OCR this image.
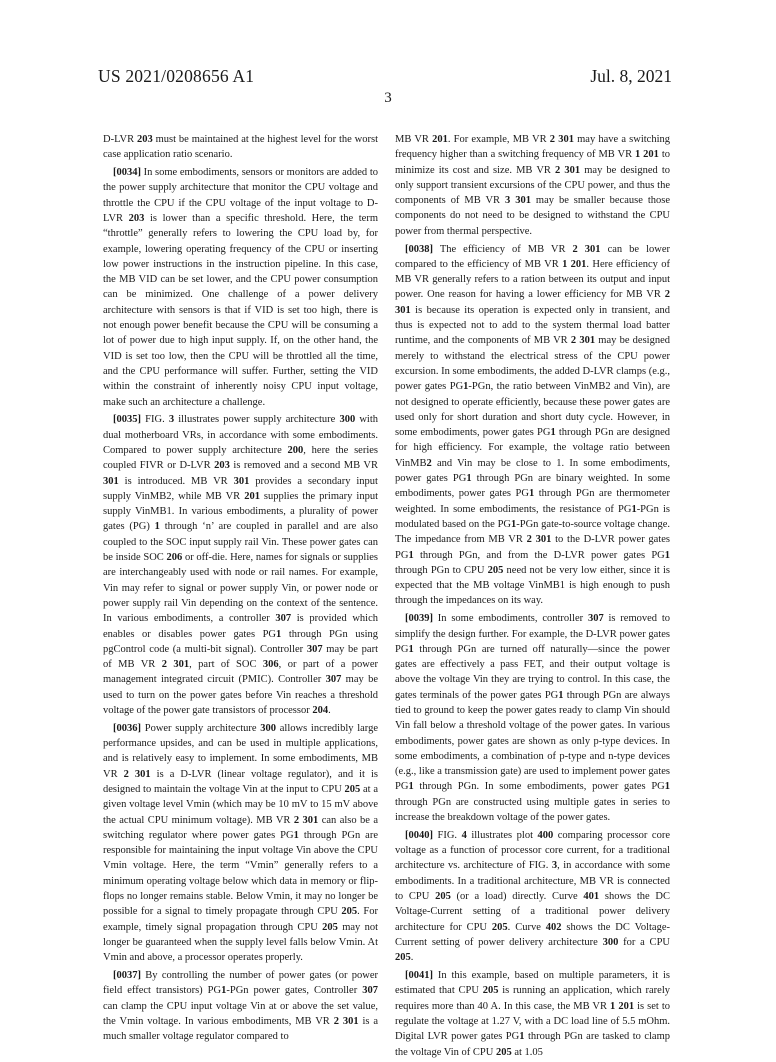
US 2021/0208656 A1	Jul. 8, 2021
3

D-LVR 203 must be maintained at the highest level for the worst case application ratio scenario.

[0034] In some embodiments, sensors or monitors are added to the power supply architecture that monitor the CPU voltage and throttle the CPU if the CPU voltage of the input voltage to D-LVR 203 is lower than a specific threshold. Here, the term “throttle” generally refers to lowering the CPU load by, for example, lowering operating frequency of the CPU or inserting low power instructions in the instruction pipeline. In this case, the MB VID can be set lower, and the CPU power consumption can be minimized. One challenge of a power delivery architecture with sensors is that if VID is set too high, there is not enough power benefit because the CPU will be consuming a lot of power due to high input supply. If, on the other hand, the VID is set too low, then the CPU will be throttled all the time, and the CPU performance will suffer. Further, setting the VID within the constraint of inherently noisy CPU input voltage, make such an architecture a challenge.

[0035] FIG. 3 illustrates power supply architecture 300 with dual motherboard VRs, in accordance with some embodiments. Compared to power supply architecture 200, here the series coupled FIVR or D-LVR 203 is removed and a second MB VR 301 is introduced. MB VR 301 provides a secondary input supply VinMB2, while MB VR 201 supplies the primary input supply VinMB1. In various embodiments, a plurality of power gates (PG) 1 through ‘n’ are coupled in parallel and are also coupled to the SOC input supply rail Vin. These power gates can be inside SOC 206 or off-die. Here, names for signals or supplies are interchangeably used with node or rail names. For example, Vin may refer to signal or power supply Vin, or power node or power supply rail Vin depending on the context of the sentence. In various embodiments, a controller 307 is provided which enables or disables power gates PG1 through PGn using pgControl code (a multi-bit signal). Controller 307 may be part of MB VR 2 301, part of SOC 306, or part of a power management integrated circuit (PMIC). Controller 307 may be used to turn on the power gates before Vin reaches a threshold voltage of the power gate transistors of processor 204.

[0036] Power supply architecture 300 allows incredibly large performance upsides, and can be used in multiple applications, and is relatively easy to implement. In some embodiments, MB VR 2 301 is a D-LVR (linear voltage regulator), and it is designed to maintain the voltage Vin at the input to CPU 205 at a given voltage level Vmin (which may be 10 mV to 15 mV above the actual CPU minimum voltage). MB VR 2 301 can also be a switching regulator where power gates PG1 through PGn are responsible for maintaining the input voltage Vin above the CPU Vmin voltage. Here, the term “Vmin” generally refers to a minimum operating voltage below which data in memory or flip-flops no longer remains stable. Below Vmin, it may no longer be possible for a signal to timely propagate through CPU 205. For example, timely signal propagation through CPU 205 may not longer be guaranteed when the supply level falls below Vmin. At Vmin and above, a processor operates properly.

[0037] By controlling the number of power gates (or power field effect transistors) PG1-PGn power gates, Controller 307 can clamp the CPU input voltage Vin at or above the set value, the Vmin voltage. In various embodiments, MB VR 2 301 is a much smaller voltage regulator compared to

MB VR 201. For example, MB VR 2 301 may have a switching frequency higher than a switching frequency of MB VR 1 201 to minimize its cost and size. MB VR 2 301 may be designed to only support transient excursions of the CPU power, and thus the components of MB VR 3 301 may be smaller because those components do not need to be designed to withstand the CPU power from thermal perspective.

[0038] The efficiency of MB VR 2 301 can be lower compared to the efficiency of MB VR 1 201. Here efficiency of MB VR generally refers to a ration between its output and input power. One reason for having a lower efficiency for MB VR 2 301 is because its operation is expected only in transient, and thus is expected not to add to the system thermal load batter runtime, and the components of MB VR 2 301 may be designed merely to withstand the electrical stress of the CPU power excursion. In some embodiments, the added D-LVR clamps (e.g., power gates PG1-PGn, the ratio between VinMB2 and Vin), are not designed to operate efficiently, because these power gates are used only for short duration and short duty cycle. However, in some embodiments, power gates PG1 through PGn are designed for high efficiency. For example, the voltage ratio between VinMB2 and Vin may be close to 1. In some embodiments, power gates PG1 through PGn are binary weighted. In some embodiments, power gates PG1 through PGn are thermometer weighted. In some embodiments, the resistance of PG1-PGn is modulated based on the PG1-PGn gate-to-source voltage change. The impedance from MB VR 2 301 to the D-LVR power gates PG1 through PGn, and from the D-LVR power gates PG1 through PGn to CPU 205 need not be very low either, since it is expected that the MB voltage VinMB1 is high enough to push through the impedances on its way.

[0039] In some embodiments, controller 307 is removed to simplify the design further. For example, the D-LVR power gates PG1 through PGn are turned off naturally—since the power gates are effectively a pass FET, and their output voltage is above the voltage Vin they are trying to control. In this case, the gates terminals of the power gates PG1 through PGn are always tied to ground to keep the power gates ready to clamp Vin should Vin fall below a threshold voltage of the power gates. In various embodiments, power gates are shown as only p-type devices. In some embodiments, a combination of p-type and n-type devices (e.g., like a transmission gate) are used to implement power gates PG1 through PGn. In some embodiments, power gates PG1 through PGn are constructed using multiple gates in series to increase the breakdown voltage of the power gates.

[0040] FIG. 4 illustrates plot 400 comparing processor core voltage as a function of processor core current, for a traditional architecture vs. architecture of FIG. 3, in accordance with some embodiments. In a traditional architecture, MB VR is connected to CPU 205 (or a load) directly. Curve 401 shows the DC Voltage-Current setting of a traditional power delivery architecture for CPU 205. Curve 402 shows the DC Voltage-Current setting of power delivery architecture 300 for a CPU 205.

[0041] In this example, based on multiple parameters, it is estimated that CPU 205 is running an application, which rarely requires more than 40 A. In this case, the MB VR 1 201 is set to regulate the voltage at 1.27 V, with a DC load line of 5.5 mOhm. Digital LVR power gates PG1 through PGn are tasked to clamp the voltage Vin of CPU 205 at 1.05
